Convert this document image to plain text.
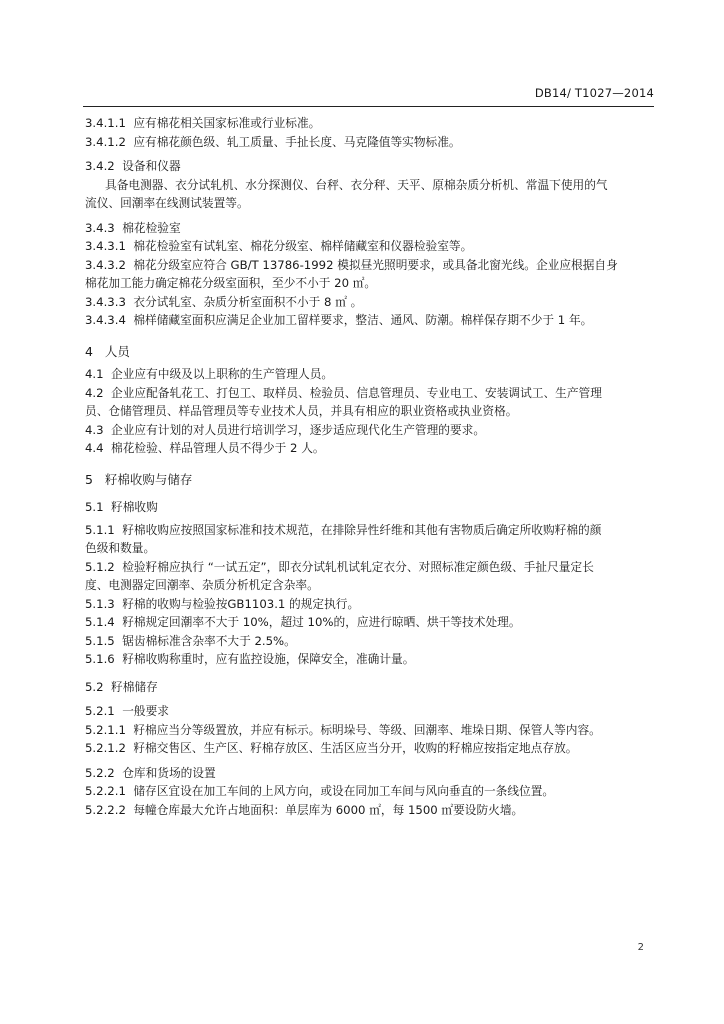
DB14/ T1027—2014
3.4.1.1 应有棉花相关国家标准或行业标准。
3.4.1.2 应有棉花颜色级、轧工质量、手扯长度、马克隆值等实物标准。
3.4.2 设备和仪器
具备电测器、衣分试轧机、水分探测仪、台秤、衣分秤、天平、原棉杂质分析机、常温下使用的气
流仪、回潮率在线测试装置等。
3.4.3 棉花检验室
3.4.3.1 棉花检验室有试轧室、棉花分级室、棉样储藏室和仪器检验室等。
3.4.3.2 棉花分级室应符合 GB/T 13786-1992 模拟昼光照明要求，或具备北窗光线。企业应根据自身
棉花加工能力确定棉花分级室面积，至少不小于 20 ㎡。
3.4.3.3 衣分试轧室、杂质分析室面积不小于 8 ㎡ 。
3.4.3.4 棉样储藏室面积应满足企业加工留样要求，整洁、通风、防潮。棉样保存期不少于 1 年。
4 人员
4.1 企业应有中级及以上职称的生产管理人员。
4.2 企业应配备轧花工、打包工、取样员、检验员、信息管理员、专业电工、安装调试工、生产管理
员、仓储管理员、样品管理员等专业技术人员，并具有相应的职业资格或执业资格。
4.3 企业应有计划的对人员进行培训学习，逐步适应现代化生产管理的要求。
4.4 棉花检验、样品管理人员不得少于 2 人。
5 籽棉收购与储存
5.1 籽棉收购
5.1.1 籽棉收购应按照国家标准和技术规范，在排除异性纤维和其他有害物质后确定所收购籽棉的颜
色级和数量。
5.1.2 检验籽棉应执行 “一试五定”，即衣分试轧机试轧定衣分、对照标准定颜色级、手扯尺量定长
度、电测器定回潮率、杂质分析机定含杂率。
5.1.3 籽棉的收购与检验按GB1103.1 的规定执行。
5.1.4 籽棉规定回潮率不大于 10%，超过 10%的，应进行晾晒、烘干等技术处理。
5.1.5 锯齿棉标准含杂率不大于 2.5%。
5.1.6 籽棉收购称重时，应有监控设施，保障安全，准确计量。
5.2 籽棉储存
5.2.1 一般要求
5.2.1.1 籽棉应当分等级置放，并应有标示。标明垛号、等级、回潮率、堆垛日期、保管人等内容。
5.2.1.2 籽棉交售区、生产区、籽棉存放区、生活区应当分开，收购的籽棉应按指定地点存放。
5.2.2 仓库和货场的设置
5.2.2.1 储存区宜设在加工车间的上风方向，或设在同加工车间与风向垂直的一条线位置。
5.2.2.2 每幢仓库最大允许占地面积：单层库为 6000 ㎡，每 1500 ㎡要设防火墙。
2
